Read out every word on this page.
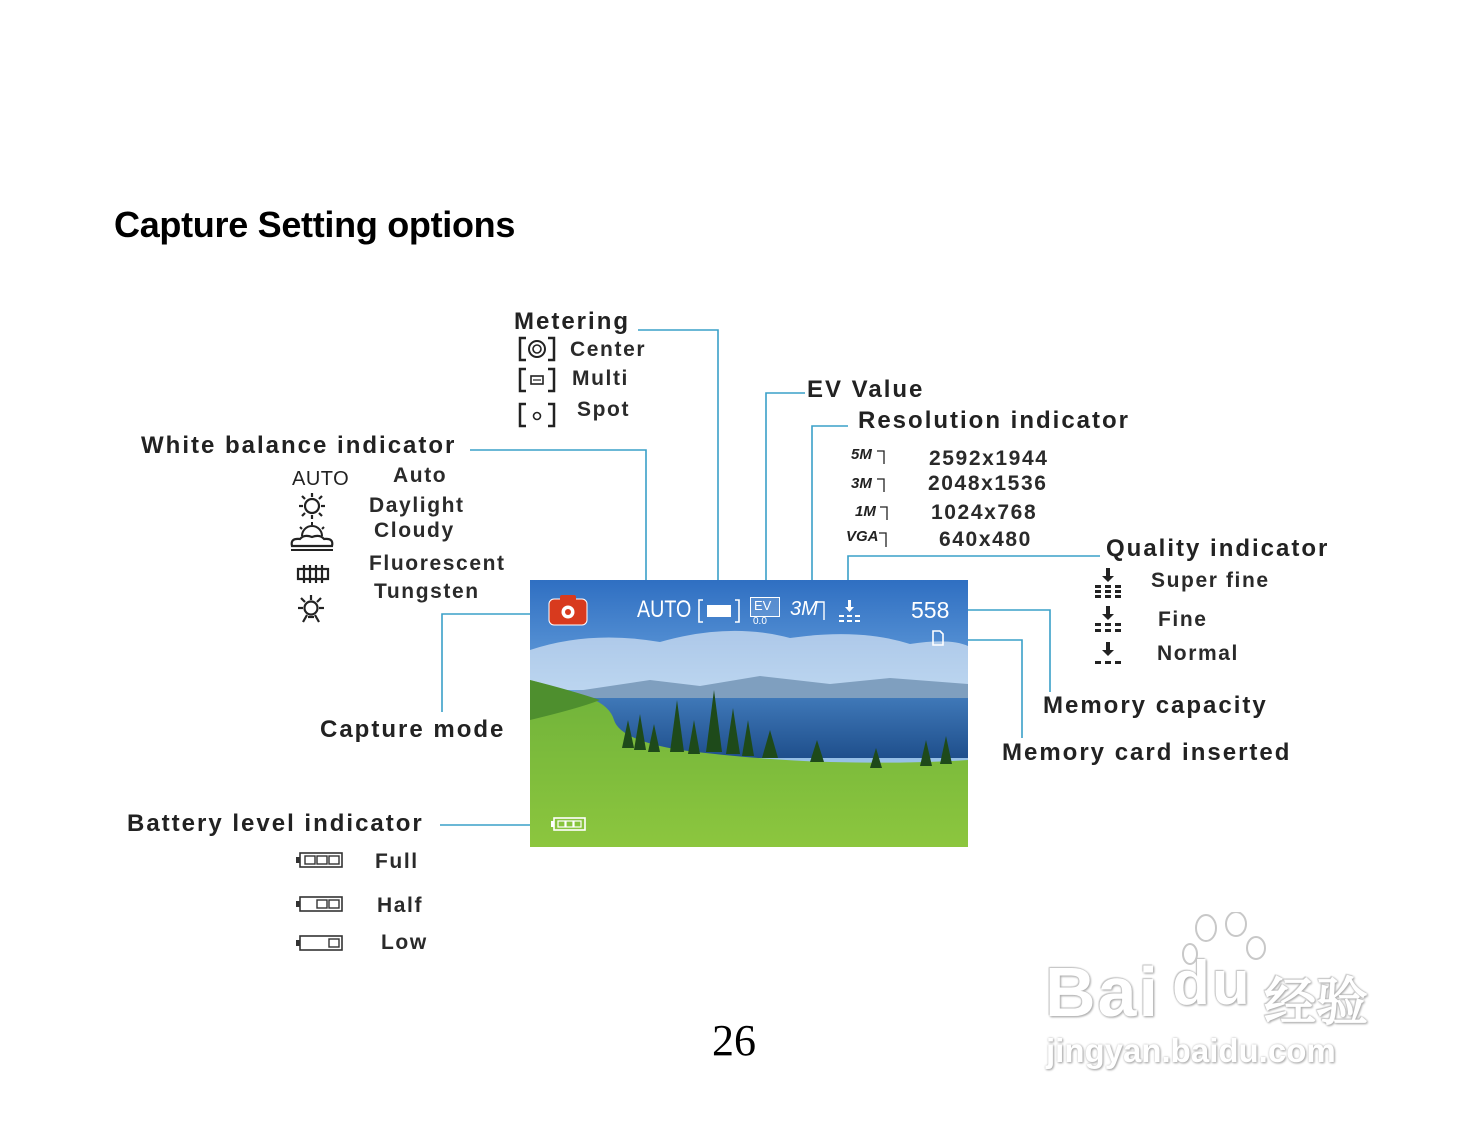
Capture Setting options
Metering
Center
Multi
Spot
EV Value
Resolution indicator
5M	2592x1944
3M	2048x1536
1M	1024x768
VGA	640x480
White balance indicator
AUTO Auto
Daylight
Cloudy
Fluorescent
Tungsten
Quality indicator
Super fine
Fine
Normal
Capture mode
Memory capacity
Memory card inserted
Battery level indicator
Full
Half
Low
AUTO	EV
0.0
3M	558
26
Bai du 经验
jingyan.baidu.com
